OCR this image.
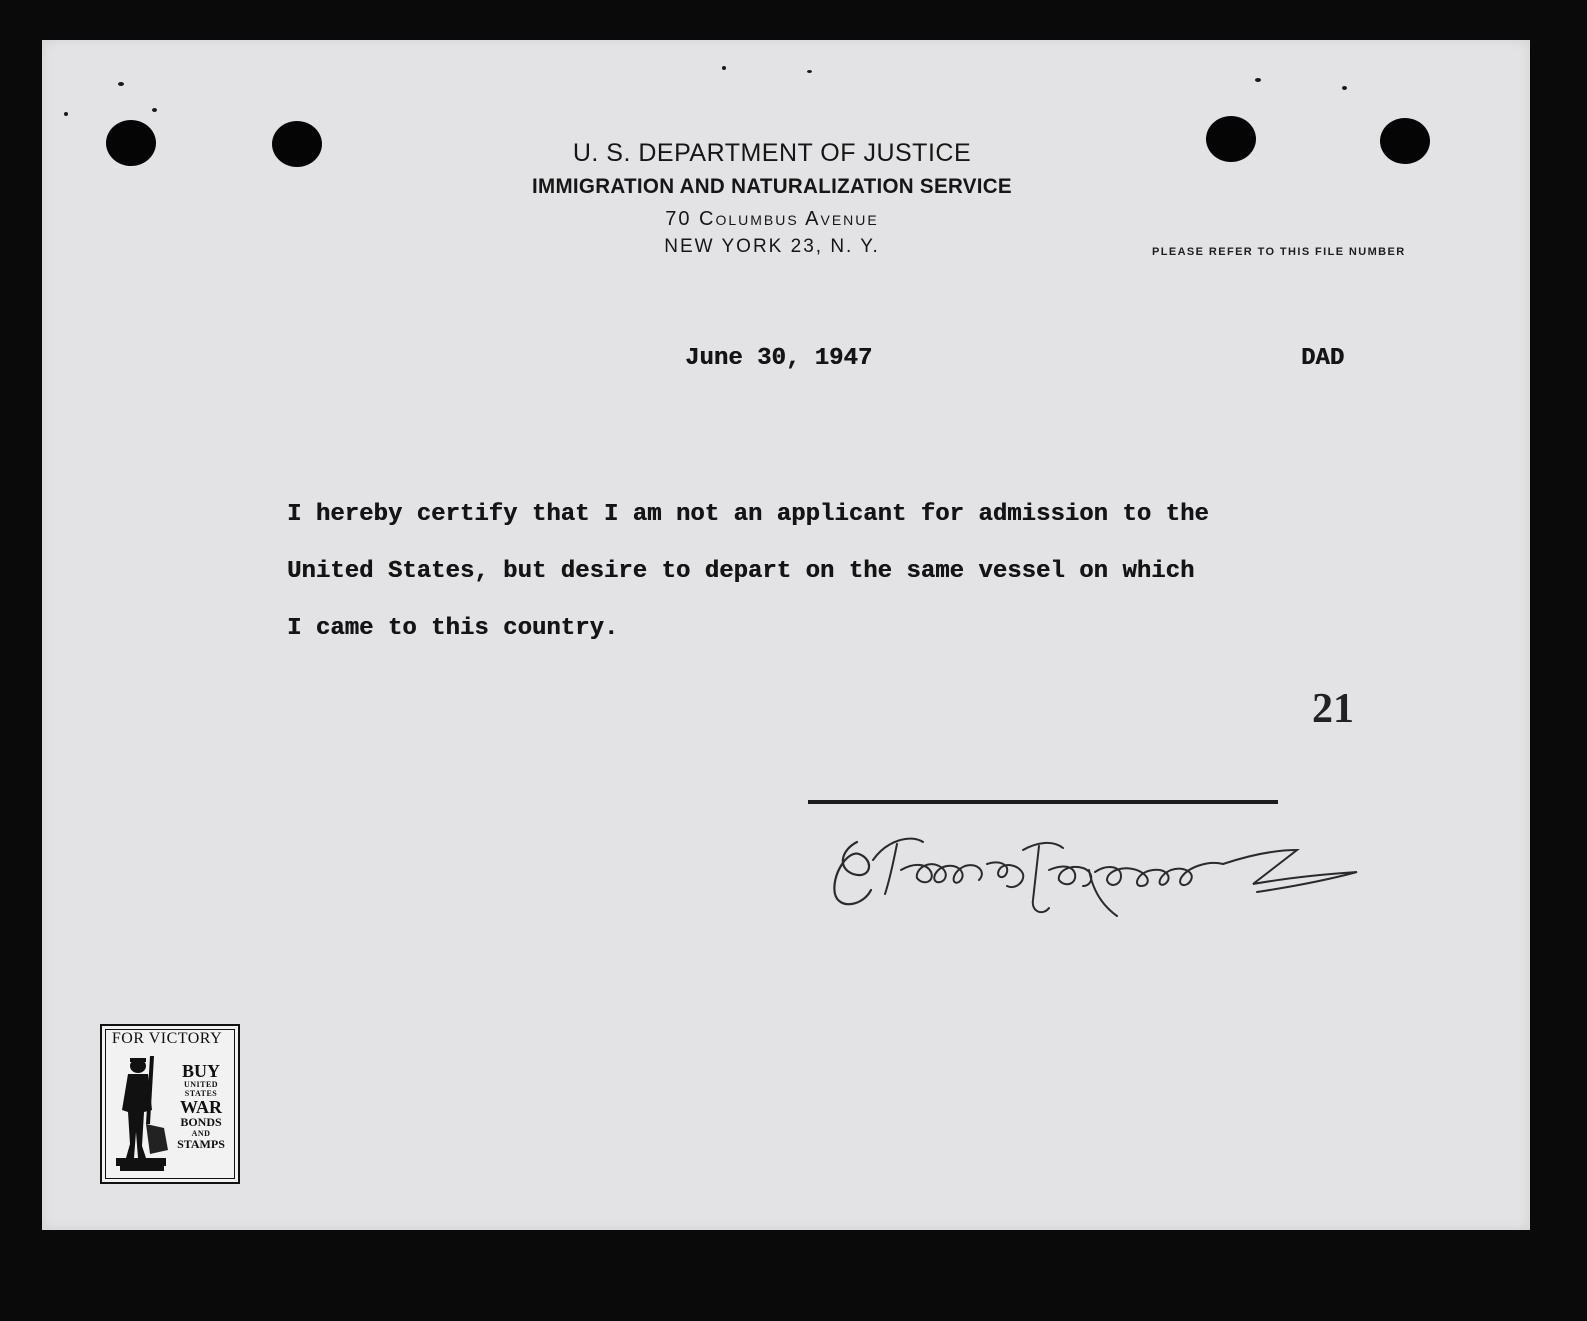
U. S. DEPARTMENT OF JUSTICE
IMMIGRATION AND NATURALIZATION SERVICE
70 Columbus Avenue
NEW YORK 23, N. Y.	PLEASE REFER TO THIS FILE NUMBER
June 30, 1947	DAD
I hereby certify that I am not an applicant for admission to the
United States, but desire to depart on the same vessel on which
I came to this country.
21
FOR VICTORY
BUY
UNITED
STATES
WAR
BONDS
AND
STAMPS
